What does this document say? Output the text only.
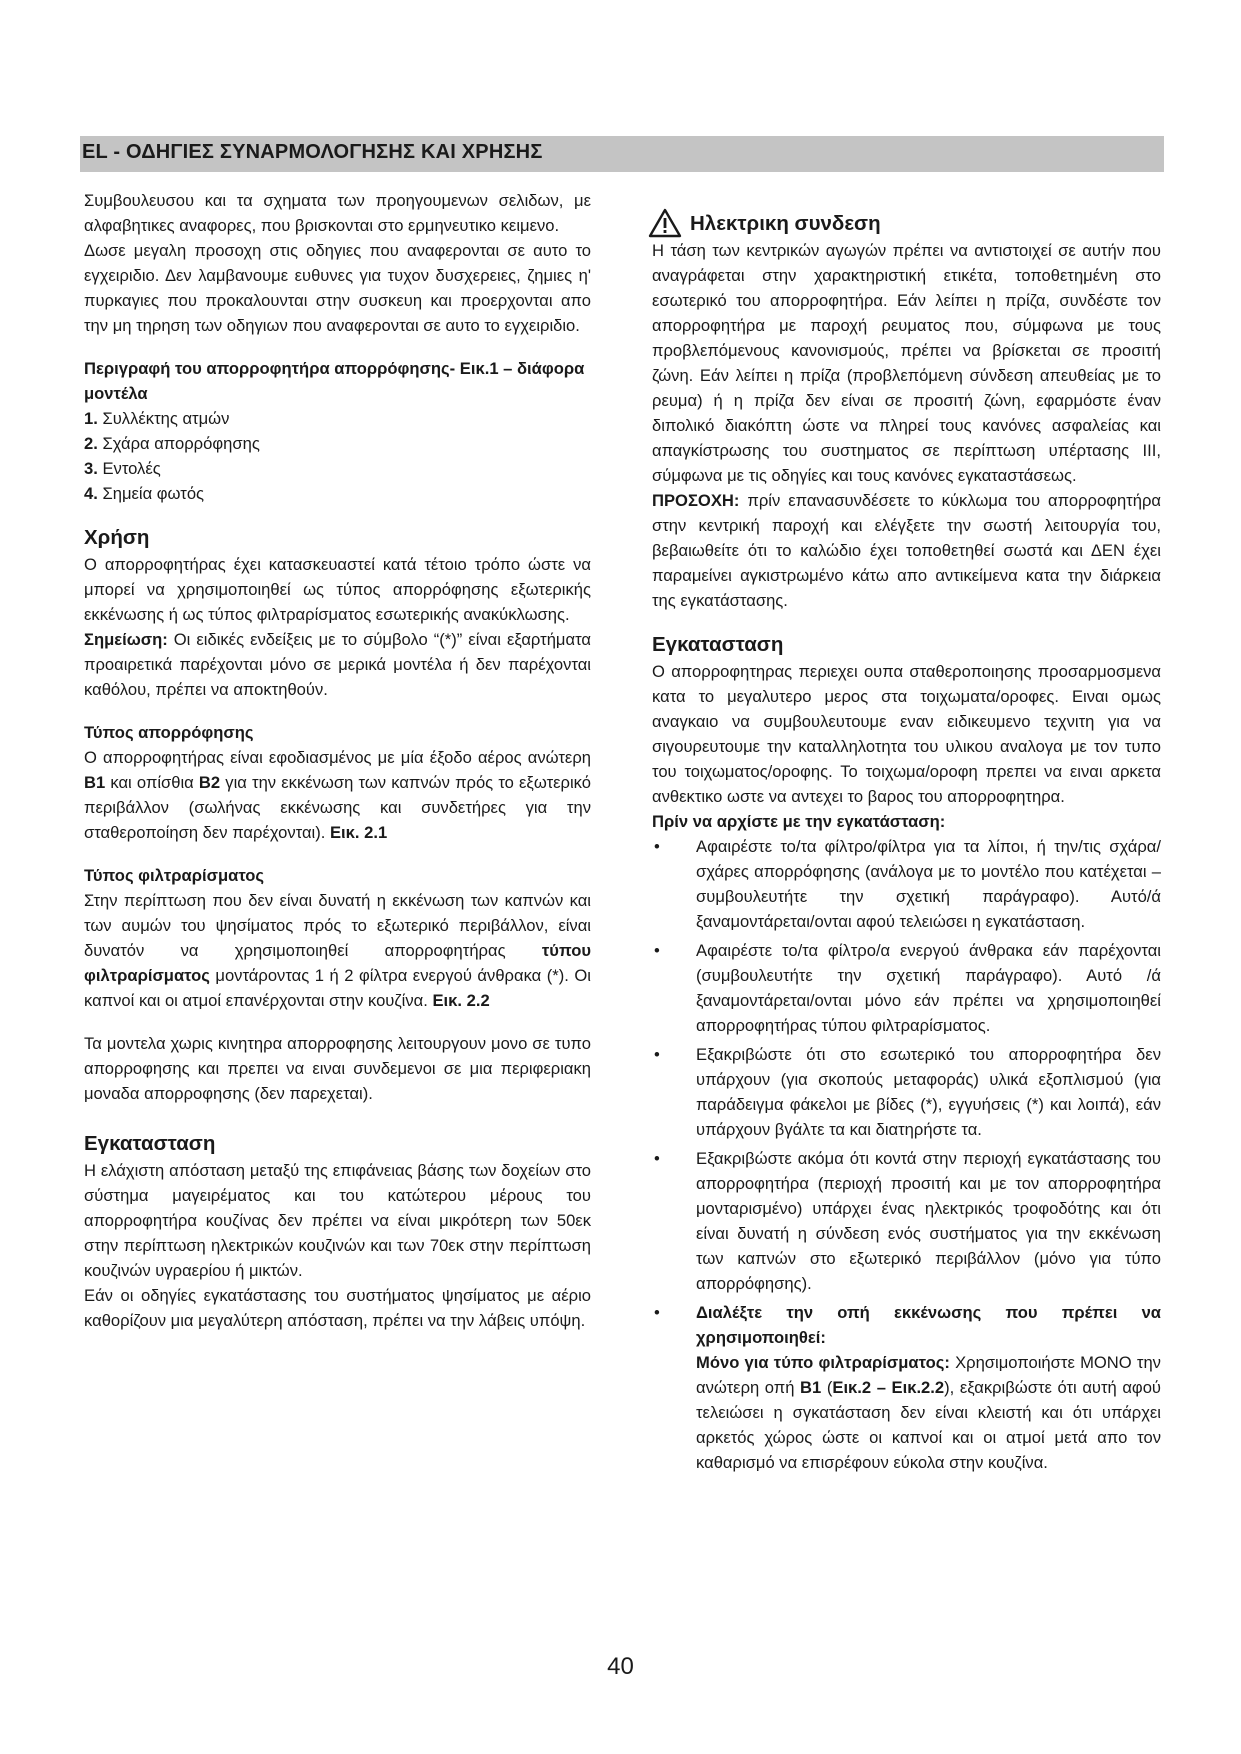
EL - ΟΔΗΓΙΕΣ ΣΥΝΑΡΜΟΛΟΓΗΣΗΣ ΚΑΙ ΧΡΗΣΗΣ

Συμβουλευσου και τα σχηματα των προηγουμενων σελιδων, με αλφαβητικες αναφορες, που βρισκονται στο ερμηνευτικο κειμενο.

Δωσε μεγαλη προσοχη στις οδηγιες που αναφερονται σε αυτο το εγχειριδιο. Δεν λαμβανουμε ευθυνες για τυχον δυσχερειες, ζημιες η' πυρκαγιες που προκαλουνται στην συσκευη και προερχονται απο την μη τηρηση των οδηγιων που αναφερονται σε αυτο το εγχειριδιο.

Περιγραφή του απορροφητήρα απορρόφησης- Εικ.1 – διάφορα μοντέλα

1. Συλλέκτης ατμών

2. Σχάρα απορρόφησης

3. Εντολές

4. Σημεία φωτός

Χρήση

Ο απορροφητήρας έχει κατασκευαστεί κατά τέτοιο τρόπο ώστε να μπορεί να χρησιμοποιηθεί ως τύπος απορρόφησης εξωτερικής εκκένωσης ή ως τύπος φιλτραρίσματος εσωτερικής ανακύκλωσης.

Σημείωση: Οι ειδικές ενδείξεις με το σύμβολο “(*)” είναι εξαρτήματα προαιρετικά παρέχονται μόνο σε μερικά μοντέλα ή δεν παρέχονται καθόλου, πρέπει να αποκτηθούν.

Τύπος απορρόφησης

Ο απορροφητήρας είναι εφοδιασμένος με μία έξοδο αέρος ανώτερη B1 και οπίσθια B2 για την εκκένωση των καπνών πρός το εξωτερικό περιβάλλον (σωλήνας εκκένωσης και συνδετήρες για την σταθεροποίηση δεν παρέχονται). Εικ. 2.1

Τύπος φιλτραρίσματος

Στην περίπτωση που δεν είναι δυνατή η εκκένωση των καπνών και των αυμών του ψησίματος πρός το εξωτερικό περιβάλλον, είναι δυνατόν να χρησιμοποιηθεί απορροφητήρας τύπου φιλτραρίσματος μοντάροντας 1 ή 2 φίλτρα ενεργού άνθρακα (*). Οι καπνοί και οι ατμοί επανέρχονται στην κουζίνα. Εικ. 2.2

Τα μοντελα χωρις κινητηρα απορροφησης λειτουργουν μονο σε τυπο απορροφησης και πρεπει να ειναι συνδεμενοι σε μια περιφεριακη μοναδα απορροφησης (δεν παρεχεται).

Εγκατασταση

Η ελάχιστη απόσταση μεταξύ της επιφάνειας βάσης των δοχείων στο σύστημα μαγειρέματος και του κατώτερου μέρους του απορροφητήρα κουζίνας δεν πρέπει να είναι μικρότερη των 50εκ στην περίπτωση ηλεκτρικών κουζινών και των 70εκ στην περίπτωση κουζινών υγραερίου ή μικτών.

Εάν οι οδηγίες εγκατάστασης του συστήματος ψησίματος με αέριο καθορίζουν μια μεγαλύτερη απόσταση, πρέπει να την λάβεις υπόψη.

Ηλεκτρικη συνδεση

Η τάση των κεντρικών αγωγών πρέπει να αντιστοιχεί σε αυτήν που αναγράφεται στην χαρακτηριστική ετικέτα, τοποθετημένη στο εσωτερικό του απορροφητήρα. Εάν λείπει η πρίζα, συνδέστε τον απορροφητήρα με παροχή ρευματος που, σύμφωνα με τους προβλεπόμενους κανονισμούς, πρέπει να βρίσκεται σε προσιτή ζώνη. Εάν λείπει η πρίζα (προβλεπόμενη σύνδεση απευθείας με το ρευμα) ή η πρίζα δεν είναι σε προσιτή ζώνη, εφαρμόστε έναν διπολικό διακόπτη ώστε να πληρεί τους κανόνες ασφαλείας και απαγκίστρωσης του συστηματος σε περίπτωση υπέρτασης ΙΙΙ, σύμφωνα με τις οδηγίες και τους κανόνες εγκαταστάσεως.

ΠΡΟΣΟΧΗ: πρίν επανασυνδέσετε το κύκλωμα του απορροφητήρα στην κεντρική παροχή και ελέγξετε την σωστή λειτουργία του, βεβαιωθείτε ότι το καλώδιο έχει τοποθετηθεί σωστά και ΔΕΝ έχει παραμείνει αγκιστρωμένο κάτω απο αντικείμενα κατα την διάρκεια της εγκατάστασης.

Εγκατασταση

Ο απορροφητηρας περιεχει ουπα σταθεροποιησης προσαρμοσμενα κατα το μεγαλυτερο μερος στα τοιχωματα/οροφες. Ειναι ομως αναγκαιο να συμβουλευτουμε εναν ειδικευμενο τεχνιτη για να σιγουρευτουμε την καταλληλοτητα του υλικου αναλογα με τον τυπο του τοιχωματος/οροφης. Το τοιχωμα/οροφη πρεπει να ειναι αρκετα ανθεκτικο ωστε να αντεχει το βαρος του απορροφητηρα.

Πρίν να αρχίστε με την εγκατάσταση:

• Αφαιρέστε το/τα φίλτρο/φίλτρα για τα λίποι, ή την/τις σχάρα/σχάρες απορρόφησης (ανάλογα με το μοντέλο που κατέχεται – συμβουλευτήτε την σχετική παράγραφο). Αυτό/ά ξαναμοντάρεται/ονται αφού τελειώσει η εγκατάσταση.
• Αφαιρέστε το/τα φίλτρο/α ενεργού άνθρακα εάν παρέχονται (συμβουλευτήτε την σχετική παράγραφο). Αυτό /ά ξαναμοντάρεται/ονται μόνο εάν πρέπει να χρησιμοποιηθεί απορροφητήρας τύπου φιλτραρίσματος.
• Εξακριβώστε ότι στο εσωτερικό του απορροφητήρα δεν υπάρχουν (για σκοπούς μεταφοράς) υλικά εξοπλισμού (για παράδειγμα φάκελοι με βίδες (*), εγγυήσεις (*) και λοιπά), εάν υπάρχουν βγάλτε τα και διατηρήστε τα.
• Εξακριβώστε ακόμα ότι κοντά στην περιοχή εγκατάστασης του απορροφητήρα (περιοχή προσιτή και με τον απορροφητήρα μονταρισμένο) υπάρχει ένας ηλεκτρικός τροφοδότης και ότι είναι δυνατή η σύνδεση ενός συστήματος για την εκκένωση των καπνών στο εξωτερικό περιβάλλον (μόνο για τύπο απορρόφησης).
• Διαλέξτε την οπή εκκένωσης που πρέπει να χρησιμοποιηθεί:
Μόνο για τύπο φιλτραρίσματος: Χρησιμοποιήστε ΜΟΝΟ την ανώτερη οπή B1 (Εικ.2 – Εικ.2.2), εξακριβώστε ότι αυτή αφού τελειώσει η σγκατάσταση δεν είναι κλειστή και ότι υπάρχει αρκετός χώρος ώστε οι καπνοί και οι ατμοί μετά απο τον καθαρισμό να επισρέφουν εύκολα στην κουζίνα.
40
